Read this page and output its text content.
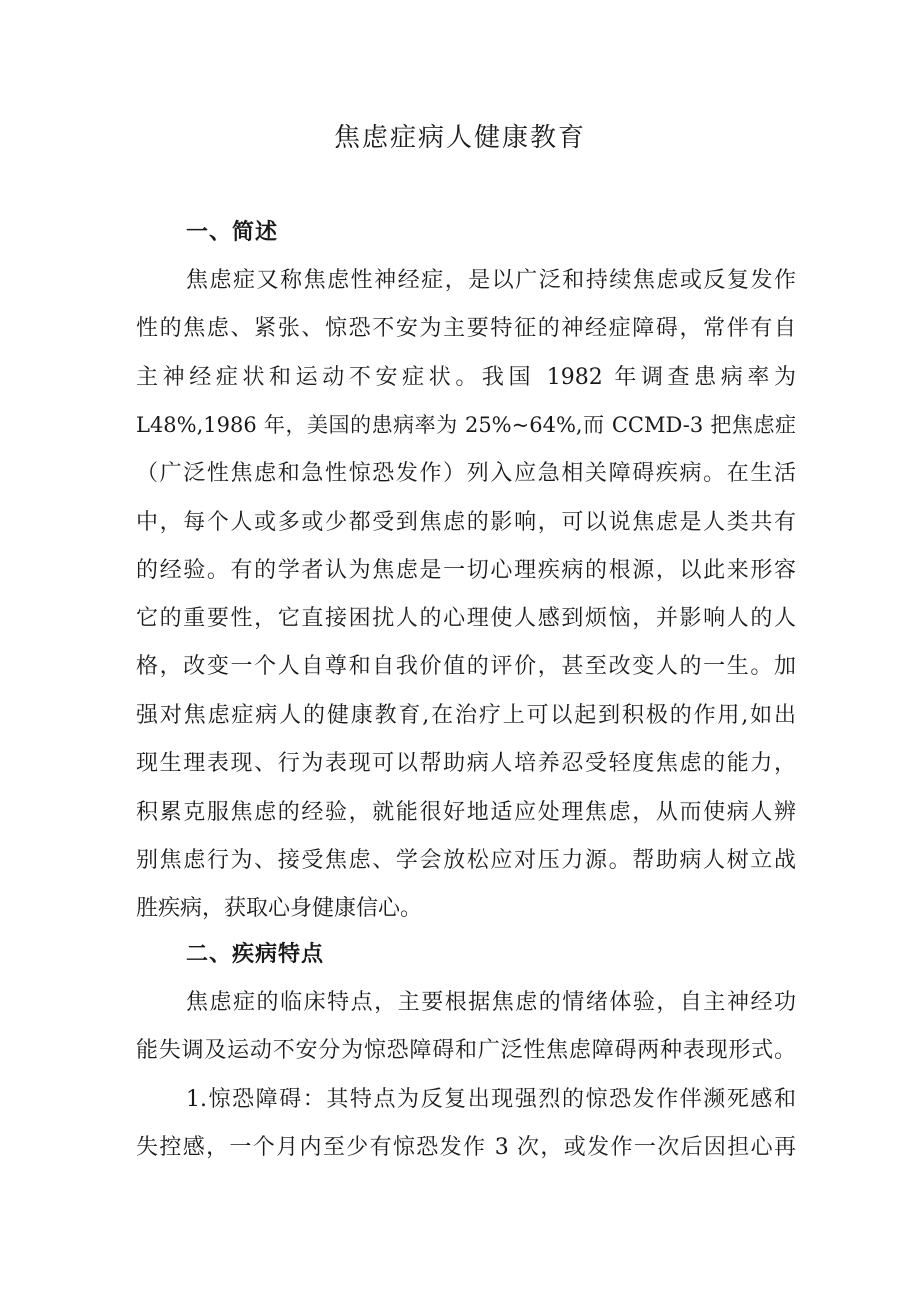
焦虑症病人健康教育
一、简述
焦虑症又称焦虑性神经症，是以广泛和持续焦虑或反复发作
性的焦虑、紧张、惊恐不安为主要特征的神经症障碍，常伴有自
主神经症状和运动不安症状。我国 1982 年调查患病率为
L48%,1986 年，美国的患病率为 25%~64%,而 CCMD-3 把焦虑症
（广泛性焦虑和急性惊恐发作）列入应急相关障碍疾病。在生活
中，每个人或多或少都受到焦虑的影响，可以说焦虑是人类共有
的经验。有的学者认为焦虑是一切心理疾病的根源，以此来形容
它的重要性，它直接困扰人的心理使人感到烦恼，并影响人的人
格，改变一个人自尊和自我价值的评价，甚至改变人的一生。加
强对焦虑症病人的健康教育,在治疗上可以起到积极的作用,如出
现生理表现、行为表现可以帮助病人培养忍受轻度焦虑的能力，
积累克服焦虑的经验，就能很好地适应处理焦虑，从而使病人辨
别焦虑行为、接受焦虑、学会放松应对压力源。帮助病人树立战
胜疾病，获取心身健康信心。
二、疾病特点
焦虑症的临床特点，主要根据焦虑的情绪体验，自主神经功
能失调及运动不安分为惊恐障碍和广泛性焦虑障碍两种表现形式。
1.惊恐障碍：其特点为反复出现强烈的惊恐发作伴濒死感和
失控感，一个月内至少有惊恐发作 3 次，或发作一次后因担心再
